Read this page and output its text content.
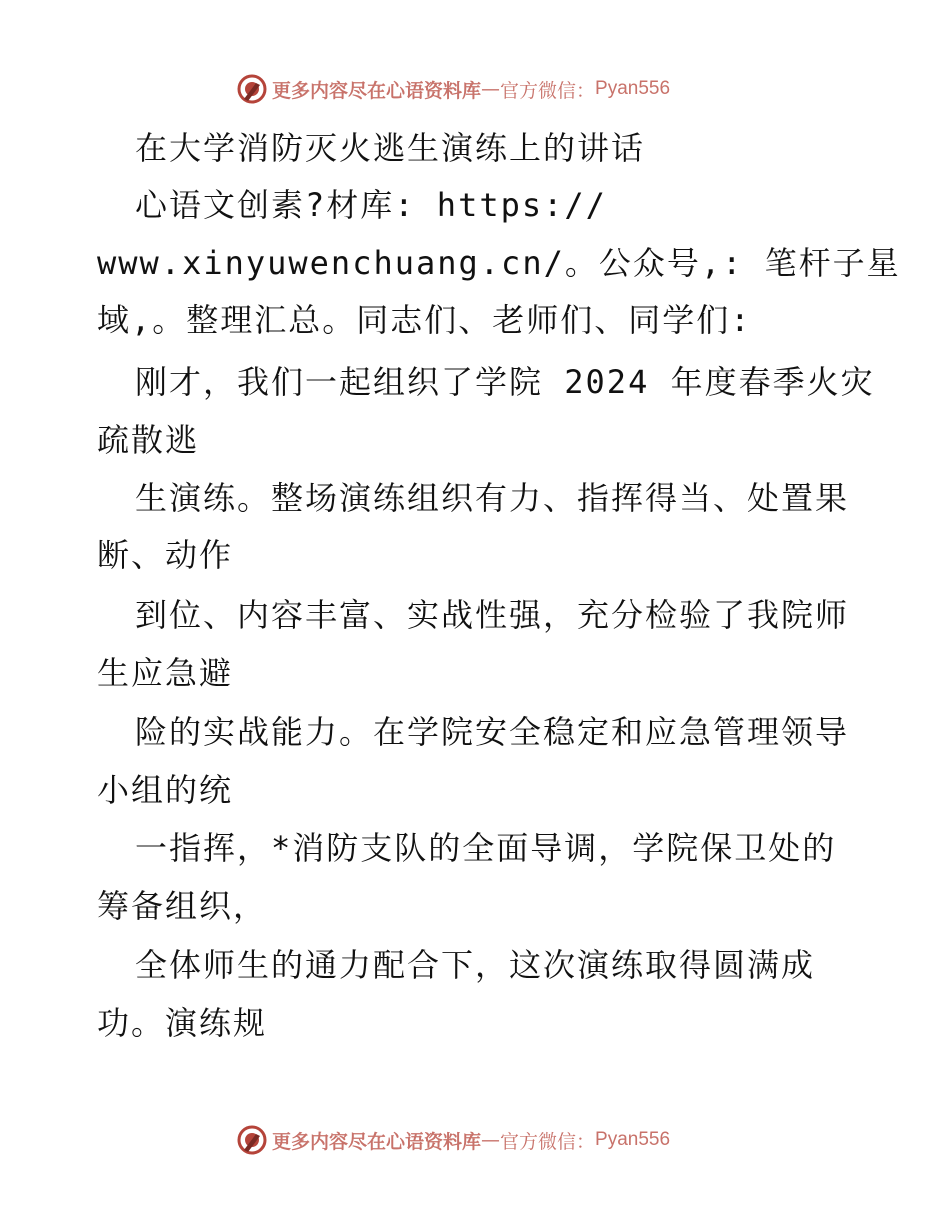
更多内容尽在心语资料库 — 官方微信： Pyan556
在大学消防灭火逃生演练上的讲话
心语文创素?材库: https://
www.xinyuwenchuang.cn/。公众号,: 笔杆子星
域,。整理汇总。同志们、老师们、同学们:
刚才，我们一起组织了学院 2024 年度春季火灾
疏散逃
生演练。整场演练组织有力、指挥得当、处置果
断、动作
到位、内容丰富、实战性强，充分检验了我院师
生应急避
险的实战能力。在学院安全稳定和应急管理领导
小组的统
一指挥，*消防支队的全面导调，学院保卫处的
筹备组织，
全体师生的通力配合下，这次演练取得圆满成
功。演练规
更多内容尽在心语资料库 — 官方微信： Pyan556
